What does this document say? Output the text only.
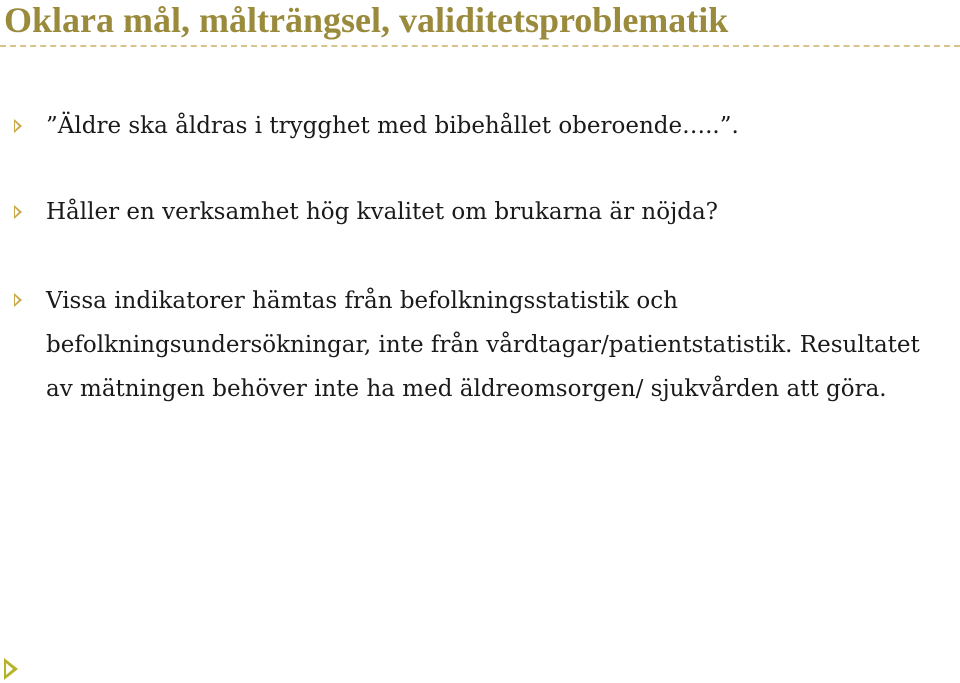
Oklara mål, målträngsel, validitetsproblematik
”Äldre ska åldras i trygghet med bibehållet oberoende…..”.
Håller en verksamhet hög kvalitet om brukarna är nöjda?
Vissa indikatorer hämtas från befolkningsstatistik och befolkningsundersökningar, inte från vårdtagar/patientstatistik. Resultatet av mätningen behöver inte ha med äldreomsorgen/ sjukvården att göra.
